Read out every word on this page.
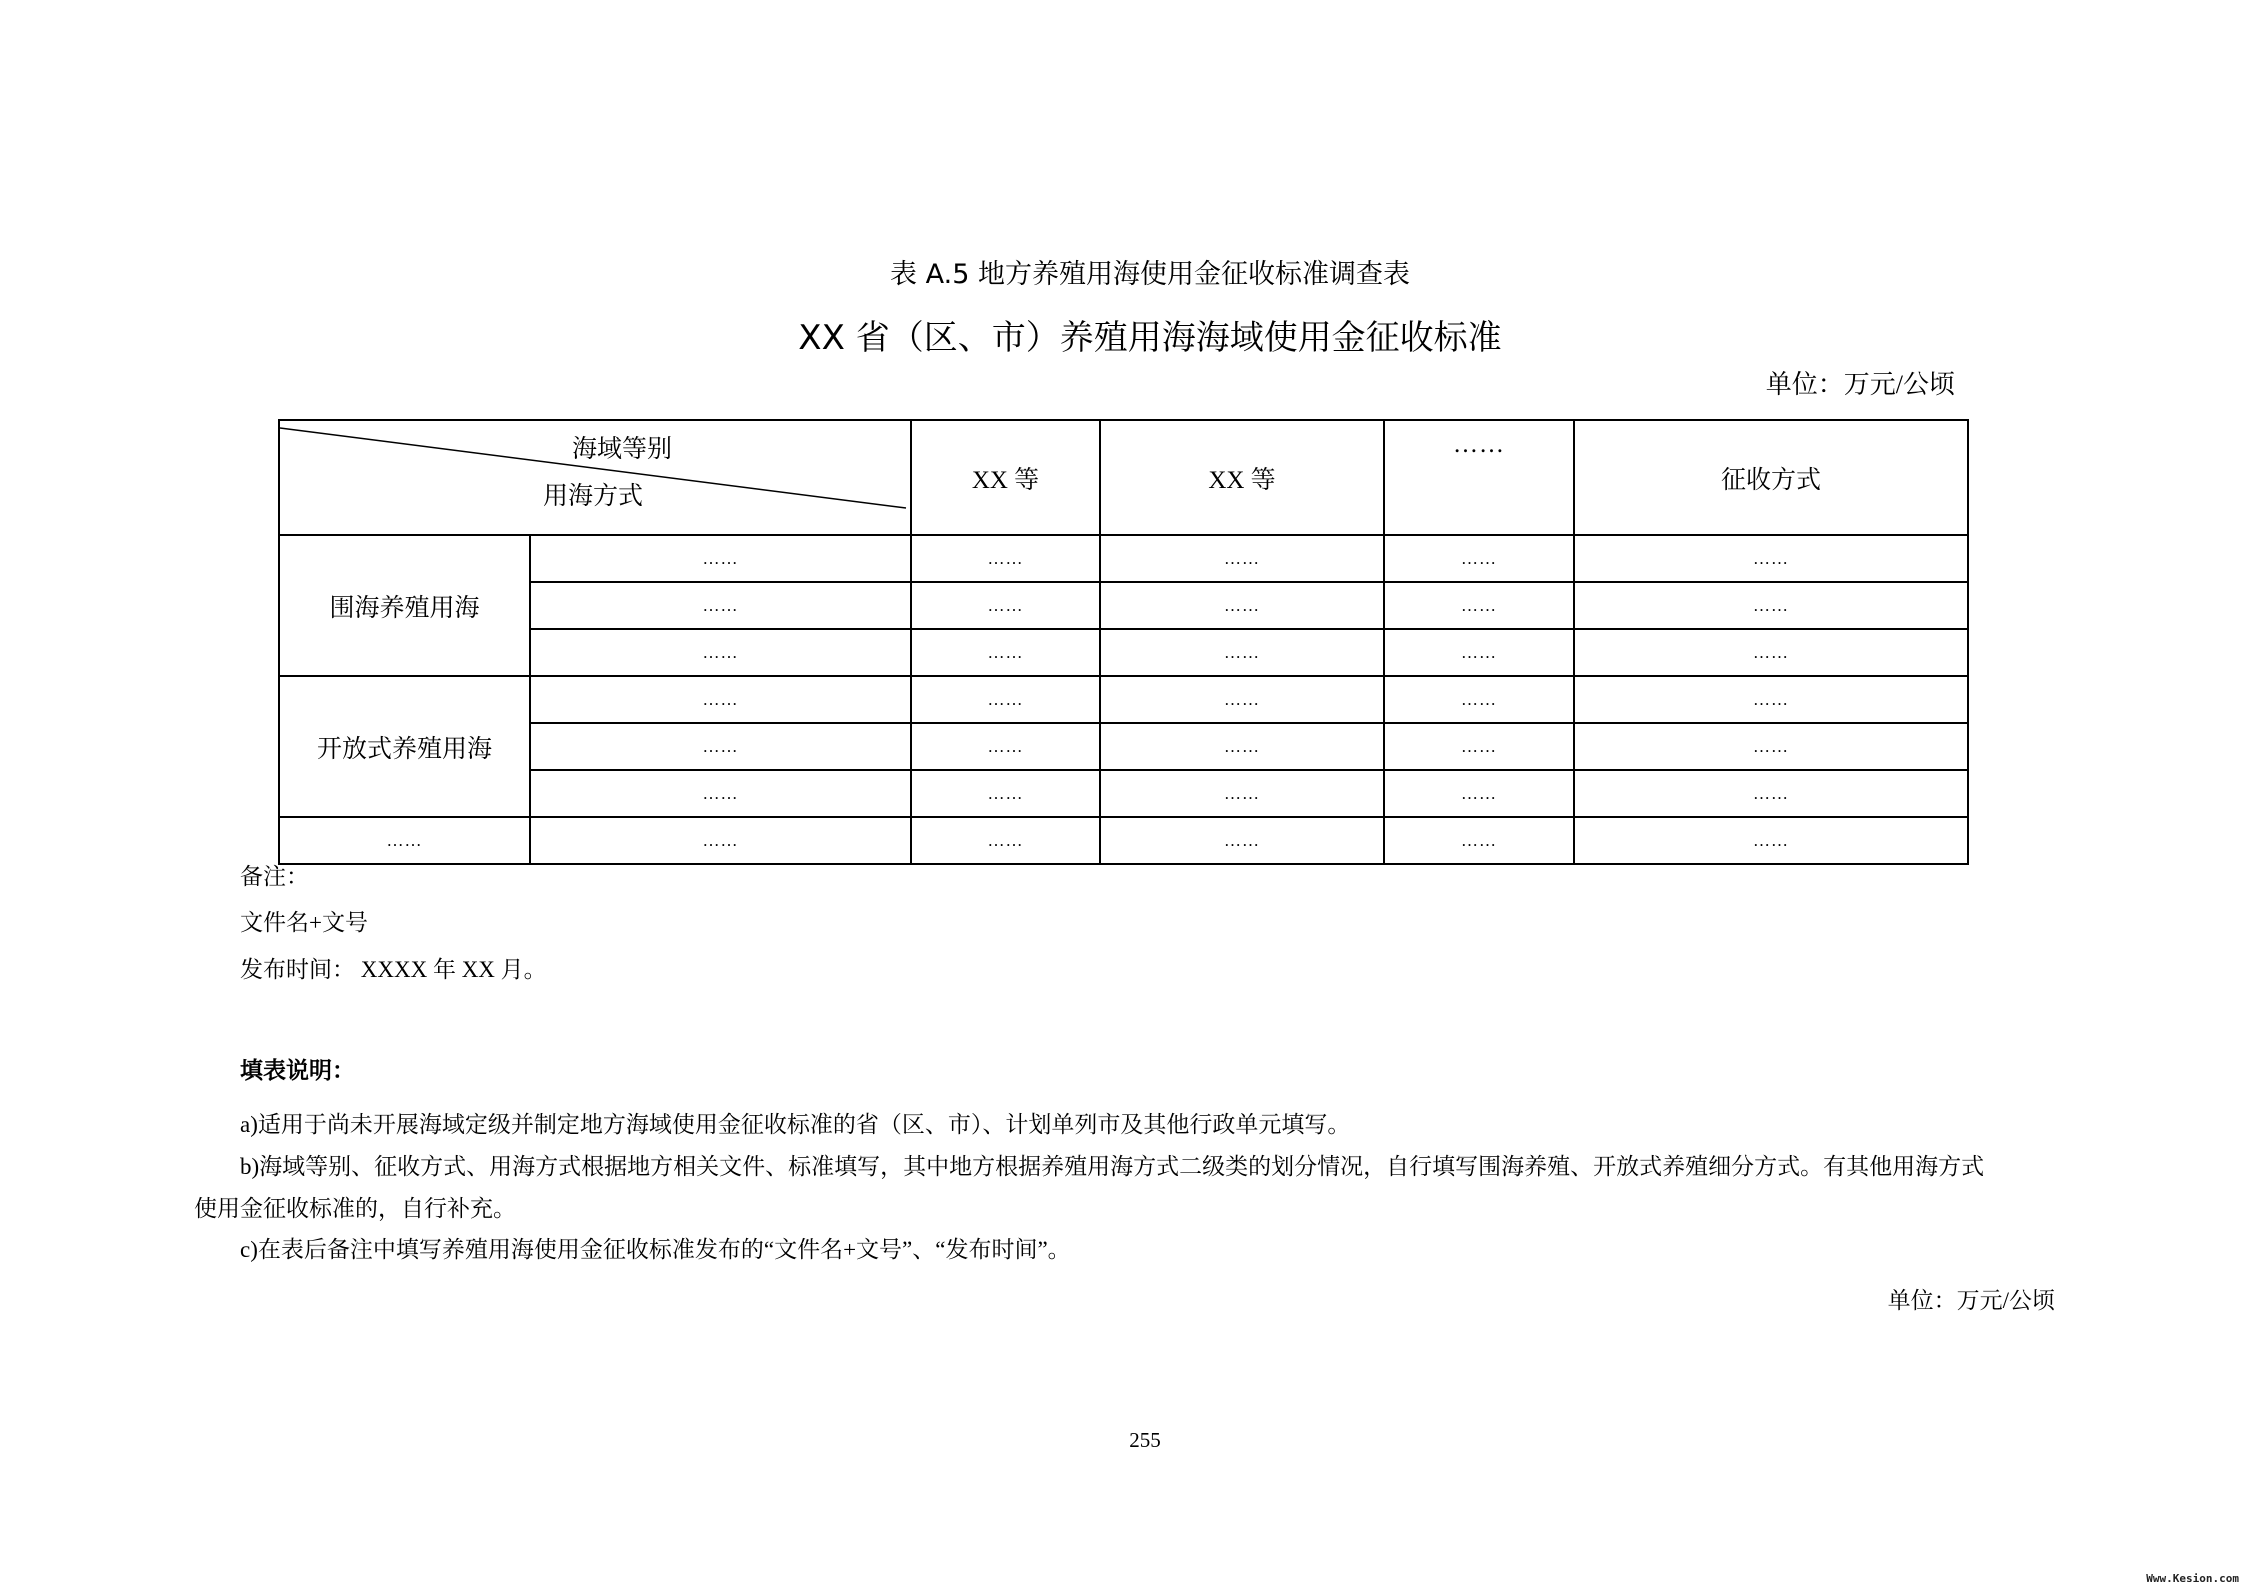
表 A.5 地方养殖用海使用金征收标准调查表
XX 省（区、市）养殖用海海域使用金征收标准
单位：万元/公顷
海域等别
用海方式		XX 等	XX 等	……	征收方式
围海养殖用海	……	……	……	……	……
	……	……	……	……	……
	……	……	……	……	……
开放式养殖用海	……	……	……	……	……
	……	……	……	……	……
	……	……	……	……	……
……	……	……	……	……	……
备注：
文件名+文号
发布时间： XXXX 年 XX 月。
填表说明：
a)适用于尚未开展海域定级并制定地方海域使用金征收标准的省（区、市）、计划单列市及其他行政单元填写。
b)海域等别、征收方式、用海方式根据地方相关文件、标准填写，其中地方根据养殖用海方式二级类的划分情况，自行填写围海养殖、开放式养殖细分方式。有其他用海方式
使用金征收标准的，自行补充。
c)在表后备注中填写养殖用海使用金征收标准发布的“文件名+文号”、“发布时间”。
单位：万元/公顷
255
Www.Kesion.com
